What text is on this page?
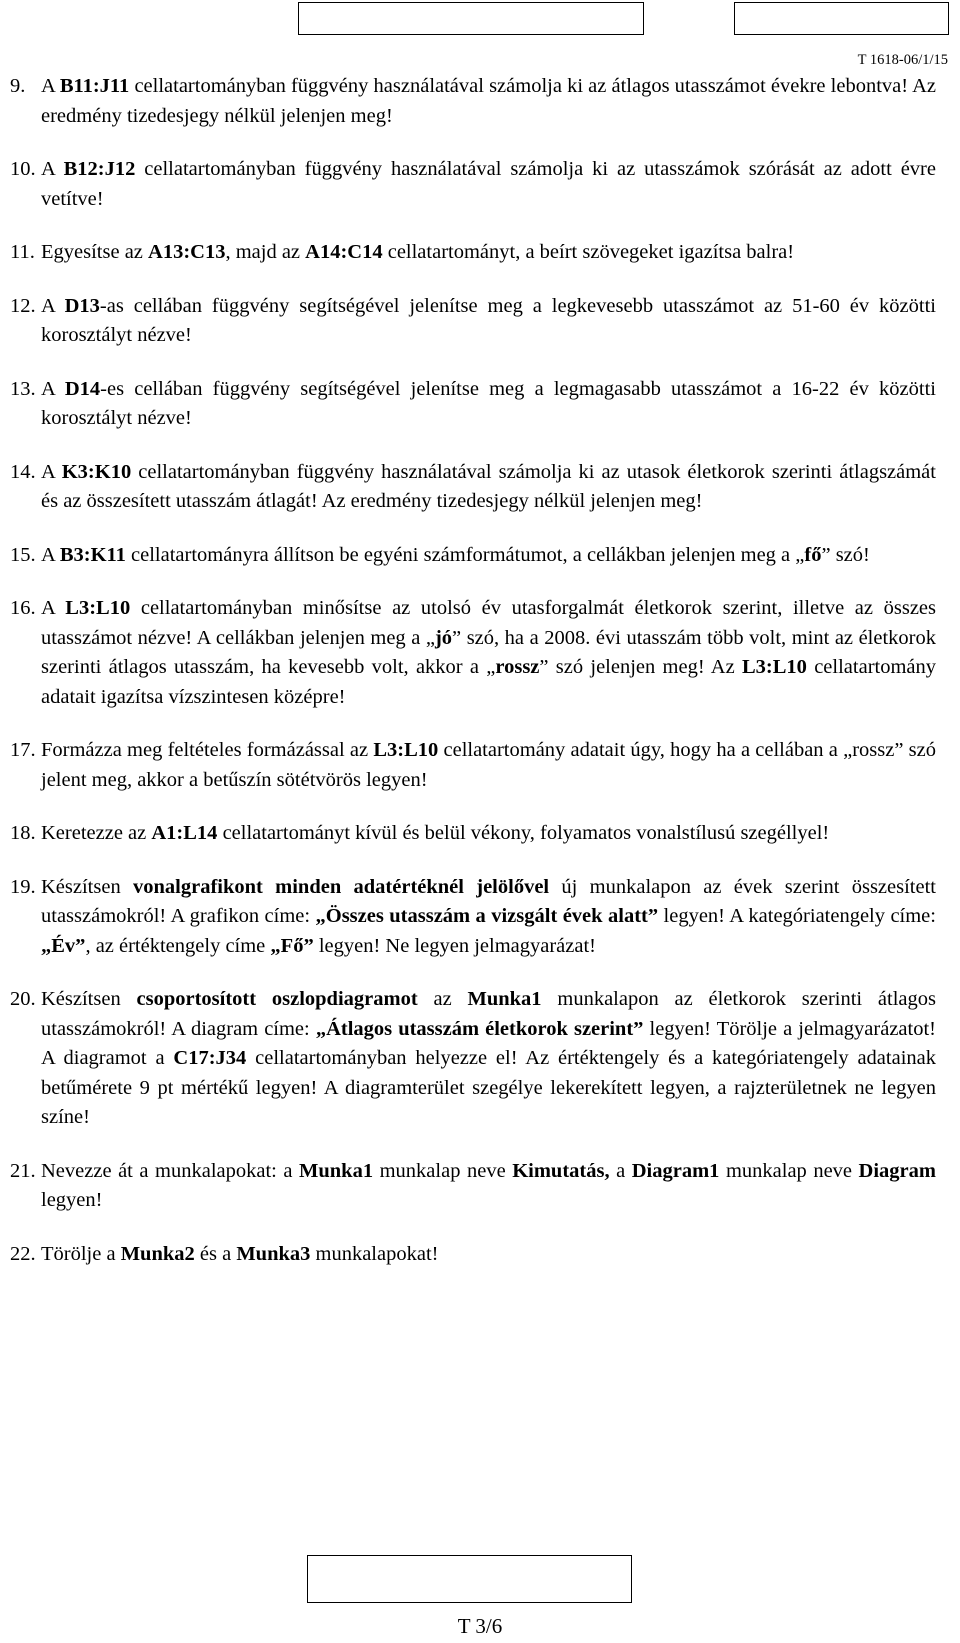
T 1618-06/1/15
9. A B11:J11 cellatartományban függvény használatával számolja ki az átlagos utasszámot évekre lebontva! Az eredmény tizedesjegy nélkül jelenjen meg!
10. A B12:J12 cellatartományban függvény használatával számolja ki az utasszámok szórását az adott évre vetítve!
11. Egyesítse az A13:C13, majd az A14:C14 cellatartományt, a beírt szövegeket igazítsa balra!
12. A D13-as cellában függvény segítségével jelenítse meg a legkevesebb utasszámot az 51-60 év közötti korosztályt nézve!
13. A D14-es cellában függvény segítségével jelenítse meg a legmagasabb utasszámot a 16-22 év közötti korosztályt nézve!
14. A K3:K10 cellatartományban függvény használatával számolja ki az utasok életkorok szerinti átlagszámát és az összesített utasszám átlagát! Az eredmény tizedesjegy nélkül jelenjen meg!
15. A B3:K11 cellatartományra állítson be egyéni számformátumot, a cellákban jelenjen meg a „fő” szó!
16. A L3:L10 cellatartományban minősítse az utolsó év utasforgalmát életkorok szerint, illetve az összes utasszámot nézve! A cellákban jelenjen meg a „jó” szó, ha a 2008. évi utasszám több volt, mint az életkorok szerinti átlagos utasszám, ha kevesebb volt, akkor a „rossz” szó jelenjen meg! Az L3:L10 cellatartomány adatait igazítsa vízszintesen középre!
17. Formázza meg feltételes formázással az L3:L10 cellatartomány adatait úgy, hogy ha a cellában a „rossz” szó jelent meg, akkor a betűszín sötétvörös legyen!
18. Keretezze az A1:L14 cellatartományt kívül és belül vékony, folyamatos vonalstílusú szegéllyel!
19. Készítsen vonalgrafikont minden adatértéknél jelölővel új munkalapon az évek szerint összesített utasszámokról! A grafikon címe: „Összes utasszám a vizsgált évek alatt” legyen! A kategóriatengely címe: „Év”, az értéktengely címe „Fő” legyen! Ne legyen jelmagyarázat!
20. Készítsen csoportosított oszlopdiagramot az Munka1 munkalapon az életkorok szerinti átlagos utasszámokról! A diagram címe: „Átlagos utasszám életkorok szerint” legyen! Törölje a jelmagyarázatot! A diagramot a C17:J34 cellatartományban helyezze el! Az értéktengely és a kategóriatengely adatainak betűmérete 9 pt mértékű legyen! A diagramterület szegélye lekerekített legyen, a rajzterületnek ne legyen színe!
21. Nevezze át a munkalapokat: a Munka1 munkalap neve Kimutatás, a Diagram1 munkalap neve Diagram legyen!
22. Törölje a Munka2 és a Munka3 munkalapokat!
T 3/6
